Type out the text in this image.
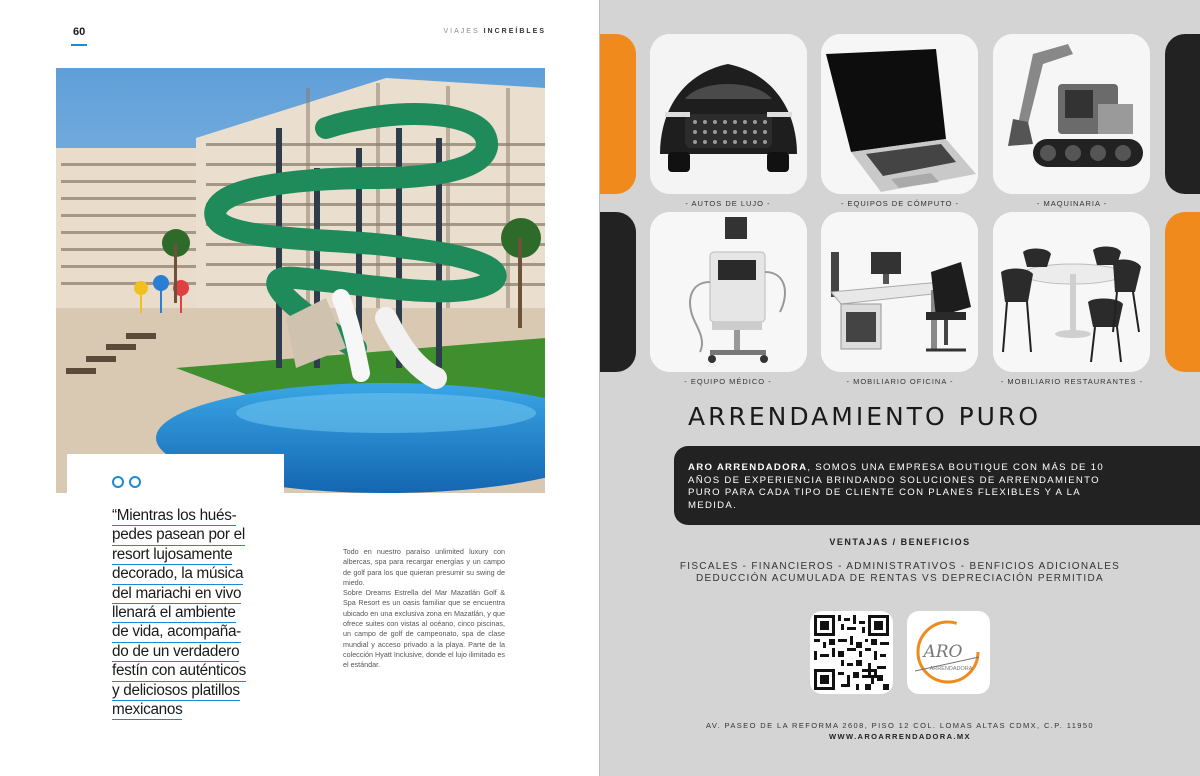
60	VIAJES INCREÍBLES
“Mientras los hués-
pedes pasean por el
resort lujosamente
decorado, la música
del mariachi en vivo
llenará el ambiente
de vida, acompaña-
do de un verdadero
festín con auténticos
y deliciosos platillos
mexicanos

Todo en nuestro paraíso unlimited luxury con albercas, spa para recargar energías y un campo de golf para los que quieran presumir su swing de miedo.

Sobre Dreams Estrella del Mar Mazatlán Golf & Spa Resort es un oasis familiar que se encuentra ubicado en una exclusiva zona en Mazatlán, y que ofrece suites con vistas al océano, cinco piscinas, un campo de golf de campeonato, spa de clase mundial y acceso privado a la playa. Parte de la colección Hyatt Inclusive, donde el lujo ilimitado es el estándar.

- AUTOS DE LUJO -	- EQUIPOS DE CÓMPUTO -	- MAQUINARIA -
- EQUIPO MÉDICO -	- MOBILIARIO OFICINA -	- MOBILIARIO RESTAURANTES -
ARRENDAMIENTO PURO

ARO ARRENDADORA, SOMOS UNA EMPRESA BOUTIQUE CON MÁS DE 10 AÑOS DE EXPERIENCIA BRINDANDO SOLUCIONES DE ARRENDAMIENTO PURO PARA CADA TIPO DE CLIENTE CON PLANES FLEXIBLES Y A LA MEDIDA.

VENTAJAS / BENEFICIOS
FISCALES - FINANCIEROS - ADMINISTRATIVOS - BENFICIOS ADICIONALES
DEDUCCIÓN ACUMULADA DE RENTAS VS DEPRECIACIÓN PERMITIDA
ARO
ARRENDADORA
AV. PASEO DE LA REFORMA 2608, PISO 12 COL. LOMAS ALTAS CDMX, C.P. 11950
WWW.AROARRENDADORA.MX
